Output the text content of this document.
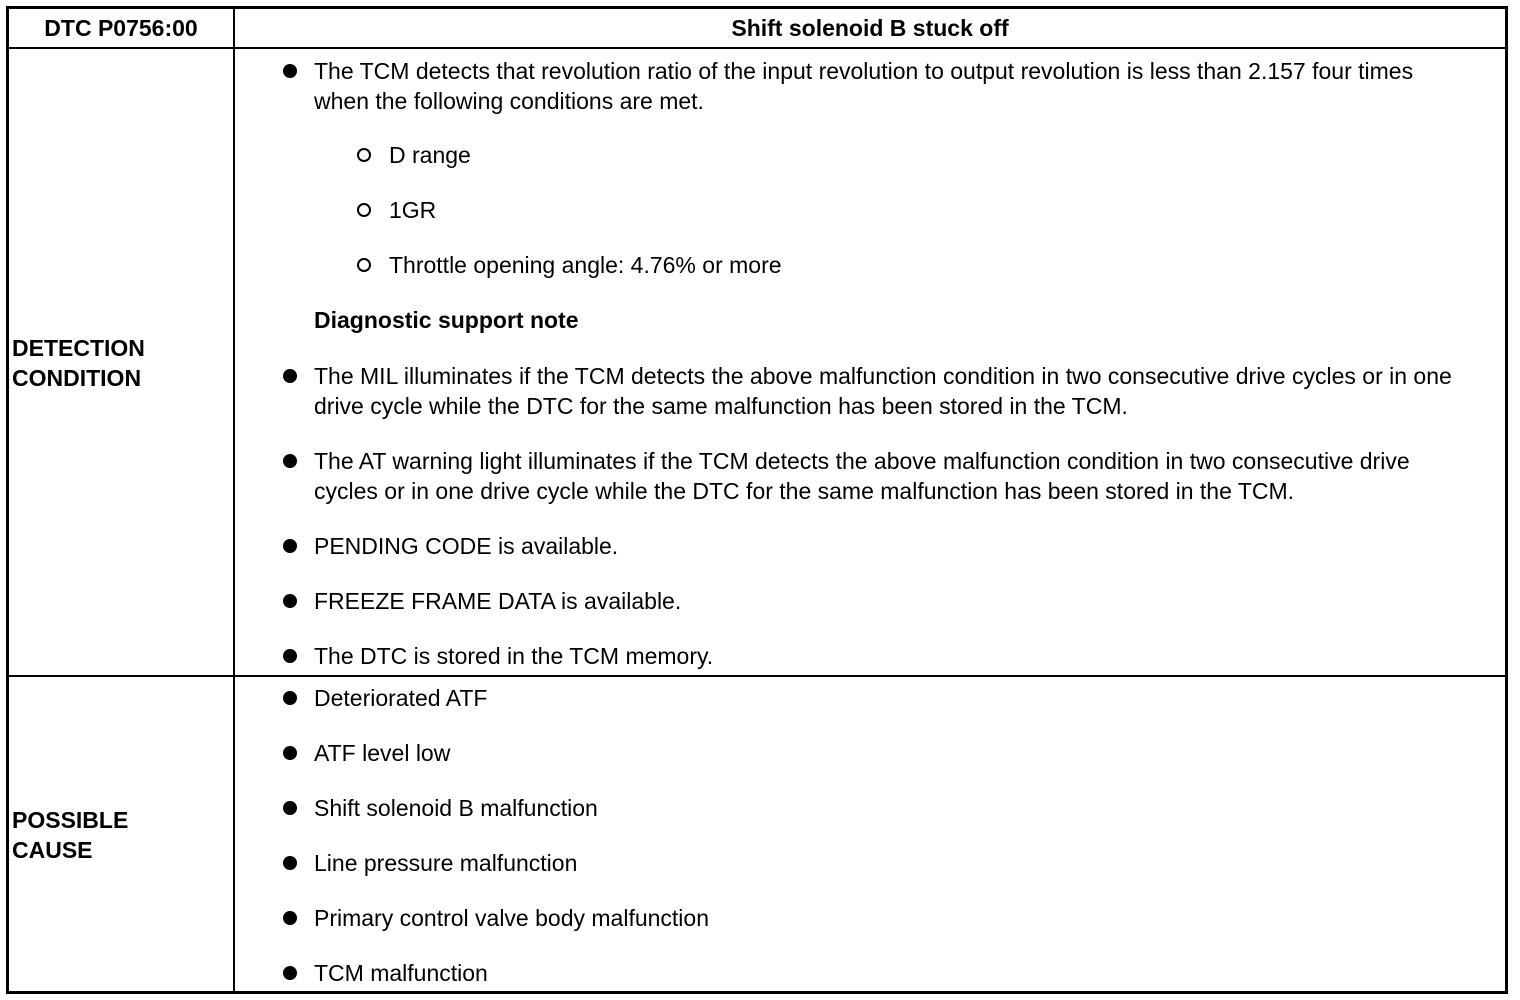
DTC P0756:00	Shift solenoid B stuck off
DETECTION
CONDITION
The TCM detects that revolution ratio of the input revolution to output revolution is less than 2.157 four times when the following conditions are met.
D range
1GR
Throttle opening angle: 4.76% or more
Diagnostic support note
The MIL illuminates if the TCM detects the above malfunction condition in two consecutive drive cycles or in one drive cycle while the DTC for the same malfunction has been stored in the TCM.
The AT warning light illuminates if the TCM detects the above malfunction condition in two consecutive drive cycles or in one drive cycle while the DTC for the same malfunction has been stored in the TCM.
PENDING CODE is available.
FREEZE FRAME DATA is available.
The DTC is stored in the TCM memory.
POSSIBLE
CAUSE
Deteriorated ATF
ATF level low
Shift solenoid B malfunction
Line pressure malfunction
Primary control valve body malfunction
TCM malfunction
